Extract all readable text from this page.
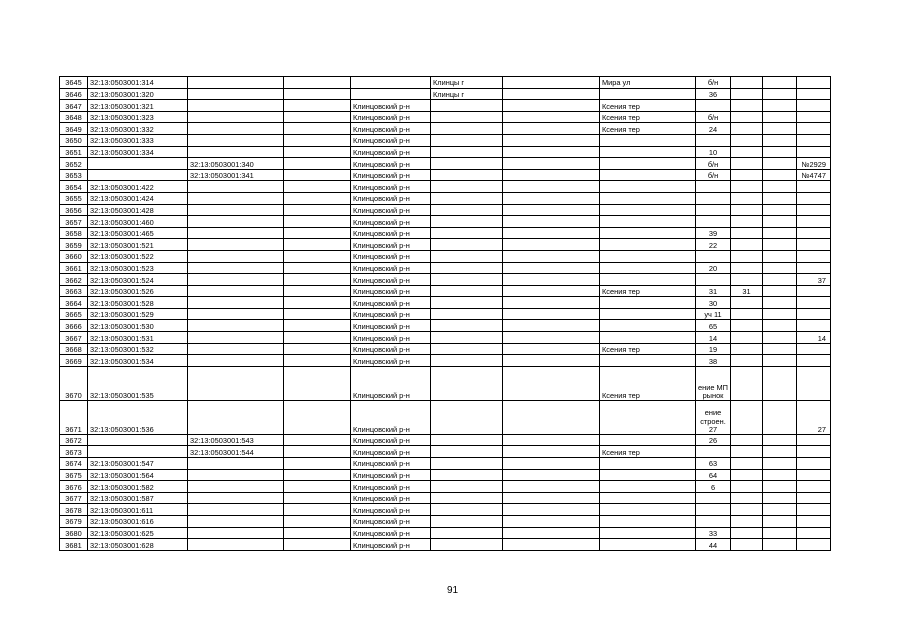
3645	32:13:0503001:314				Клинцы г		Мира ул	б/н			
3646	32:13:0503001:320				Клинцы г			36			
3647	32:13:0503001:321			Клинцовский р-н			Ксения тер				
3648	32:13:0503001:323			Клинцовский р-н			Ксения тер	б/н			
3649	32:13:0503001:332			Клинцовский р-н			Ксения тер	24			
3650	32:13:0503001:333			Клинцовский р-н							
3651	32:13:0503001:334			Клинцовский р-н				10			
3652		32:13:0503001:340		Клинцовский р-н				б/н			№2929
3653		32:13:0503001:341		Клинцовский р-н				б/н			№4747
3654	32:13:0503001:422			Клинцовский р-н							
3655	32:13:0503001:424			Клинцовский р-н							
3656	32:13:0503001:428			Клинцовский р-н							
3657	32:13:0503001:460			Клинцовский р-н							
3658	32:13:0503001:465			Клинцовский р-н				39			
3659	32:13:0503001:521			Клинцовский р-н				22			
3660	32:13:0503001:522			Клинцовский р-н							
3661	32:13:0503001:523			Клинцовский р-н				20			
3662	32:13:0503001:524			Клинцовский р-н							37
3663	32:13:0503001:526			Клинцовский р-н			Ксения тер	31	31		
3664	32:13:0503001:528			Клинцовский р-н				30			
3665	32:13:0503001:529			Клинцовский р-н				уч 11			
3666	32:13:0503001:530			Клинцовский р-н				65			
3667	32:13:0503001:531			Клинцовский р-н				14			14
3668	32:13:0503001:532			Клинцовский р-н			Ксения тер	19			
3669	32:13:0503001:534			Клинцовский р-н				38			
3670	32:13:0503001:535			Клинцовский р-н			Ксения тер	ение МП рынок			
3671	32:13:0503001:536			Клинцовский р-н				ение строен. 27			27
3672		32:13:0503001:543		Клинцовский р-н				26			
3673		32:13:0503001:544		Клинцовский р-н			Ксения тер				
3674	32:13:0503001:547			Клинцовский р-н				63			
3675	32:13:0503001:564			Клинцовский р-н				64			
3676	32:13:0503001:582			Клинцовский р-н				6			
3677	32:13:0503001:587			Клинцовский р-н							
3678	32:13:0503001:611			Клинцовский р-н							
3679	32:13:0503001:616			Клинцовский р-н							
3680	32:13:0503001:625			Клинцовский р-н				33			
3681	32:13:0503001:628			Клинцовский р-н				44			
91
